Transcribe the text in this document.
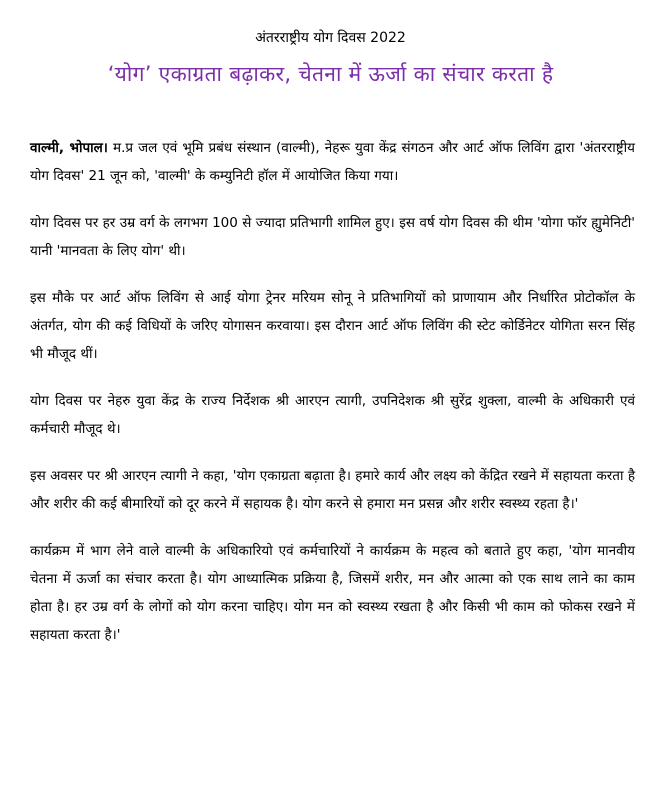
अंतरराष्ट्रीय योग दिवस 2022
‘योग’ एकाग्रता बढ़ाकर, चेतना में ऊर्जा का संचार करता है

वाल्मी, भोपाल। म.प्र जल एवं भूमि प्रबंध संस्थान (वाल्मी), नेहरू युवा केंद्र संगठन और आर्ट ऑफ लिविंग द्वारा 'अंतरराष्ट्रीय योग दिवस' 21 जून को, 'वाल्मी' के कम्युनिटी हॉल में आयोजित किया गया।

योग दिवस पर हर उम्र वर्ग के लगभग 100 से ज्यादा प्रतिभागी शामिल हुए। इस वर्ष योग दिवस की थीम 'योगा फॉर ह्युमेनिटी' यानी 'मानवता के लिए योग' थी।

इस मौके पर आर्ट ऑफ लिविंग से आई योगा ट्रेनर मरियम सोनू ने प्रतिभागियों को प्राणायाम और निर्धारित प्रोटोकॉल के अंतर्गत, योग की कई विधियों के जरिए योगासन करवाया। इस दौरान आर्ट ऑफ लिविंग की स्टेट कोर्डिनेटर योगिता सरन सिंह भी मौजूद थीं।

योग दिवस पर नेहरु युवा केंद्र के राज्य निर्देशक श्री आरएन त्यागी, उपनिदेशक श्री सुरेंद्र शुक्ला, वाल्मी के अधिकारी एवं कर्मचारी मौजूद थे।

इस अवसर पर श्री आरएन त्यागी ने कहा, 'योग एकाग्रता बढ़ाता है। हमारे कार्य और लक्ष्य को केंद्रित रखने में सहायता करता है और शरीर की कई बीमारियों को दूर करने में सहायक है। योग करने से हमारा मन प्रसन्न और शरीर स्वस्थ्य रहता है।'

कार्यक्रम में भाग लेने वाले वाल्मी के अधिकारियो एवं कर्मचारियों ने कार्यक्रम के महत्व को बताते हुए कहा, 'योग मानवीय चेतना में ऊर्जा का संचार करता है। योग आध्यात्मिक प्रक्रिया है, जिसमें शरीर, मन और आत्मा को एक साथ लाने का काम होता है। हर उम्र वर्ग के लोगों को योग करना चाहिए। योग मन को स्वस्थ्य रखता है और किसी भी काम को फोकस रखने में सहायता करता है।'
